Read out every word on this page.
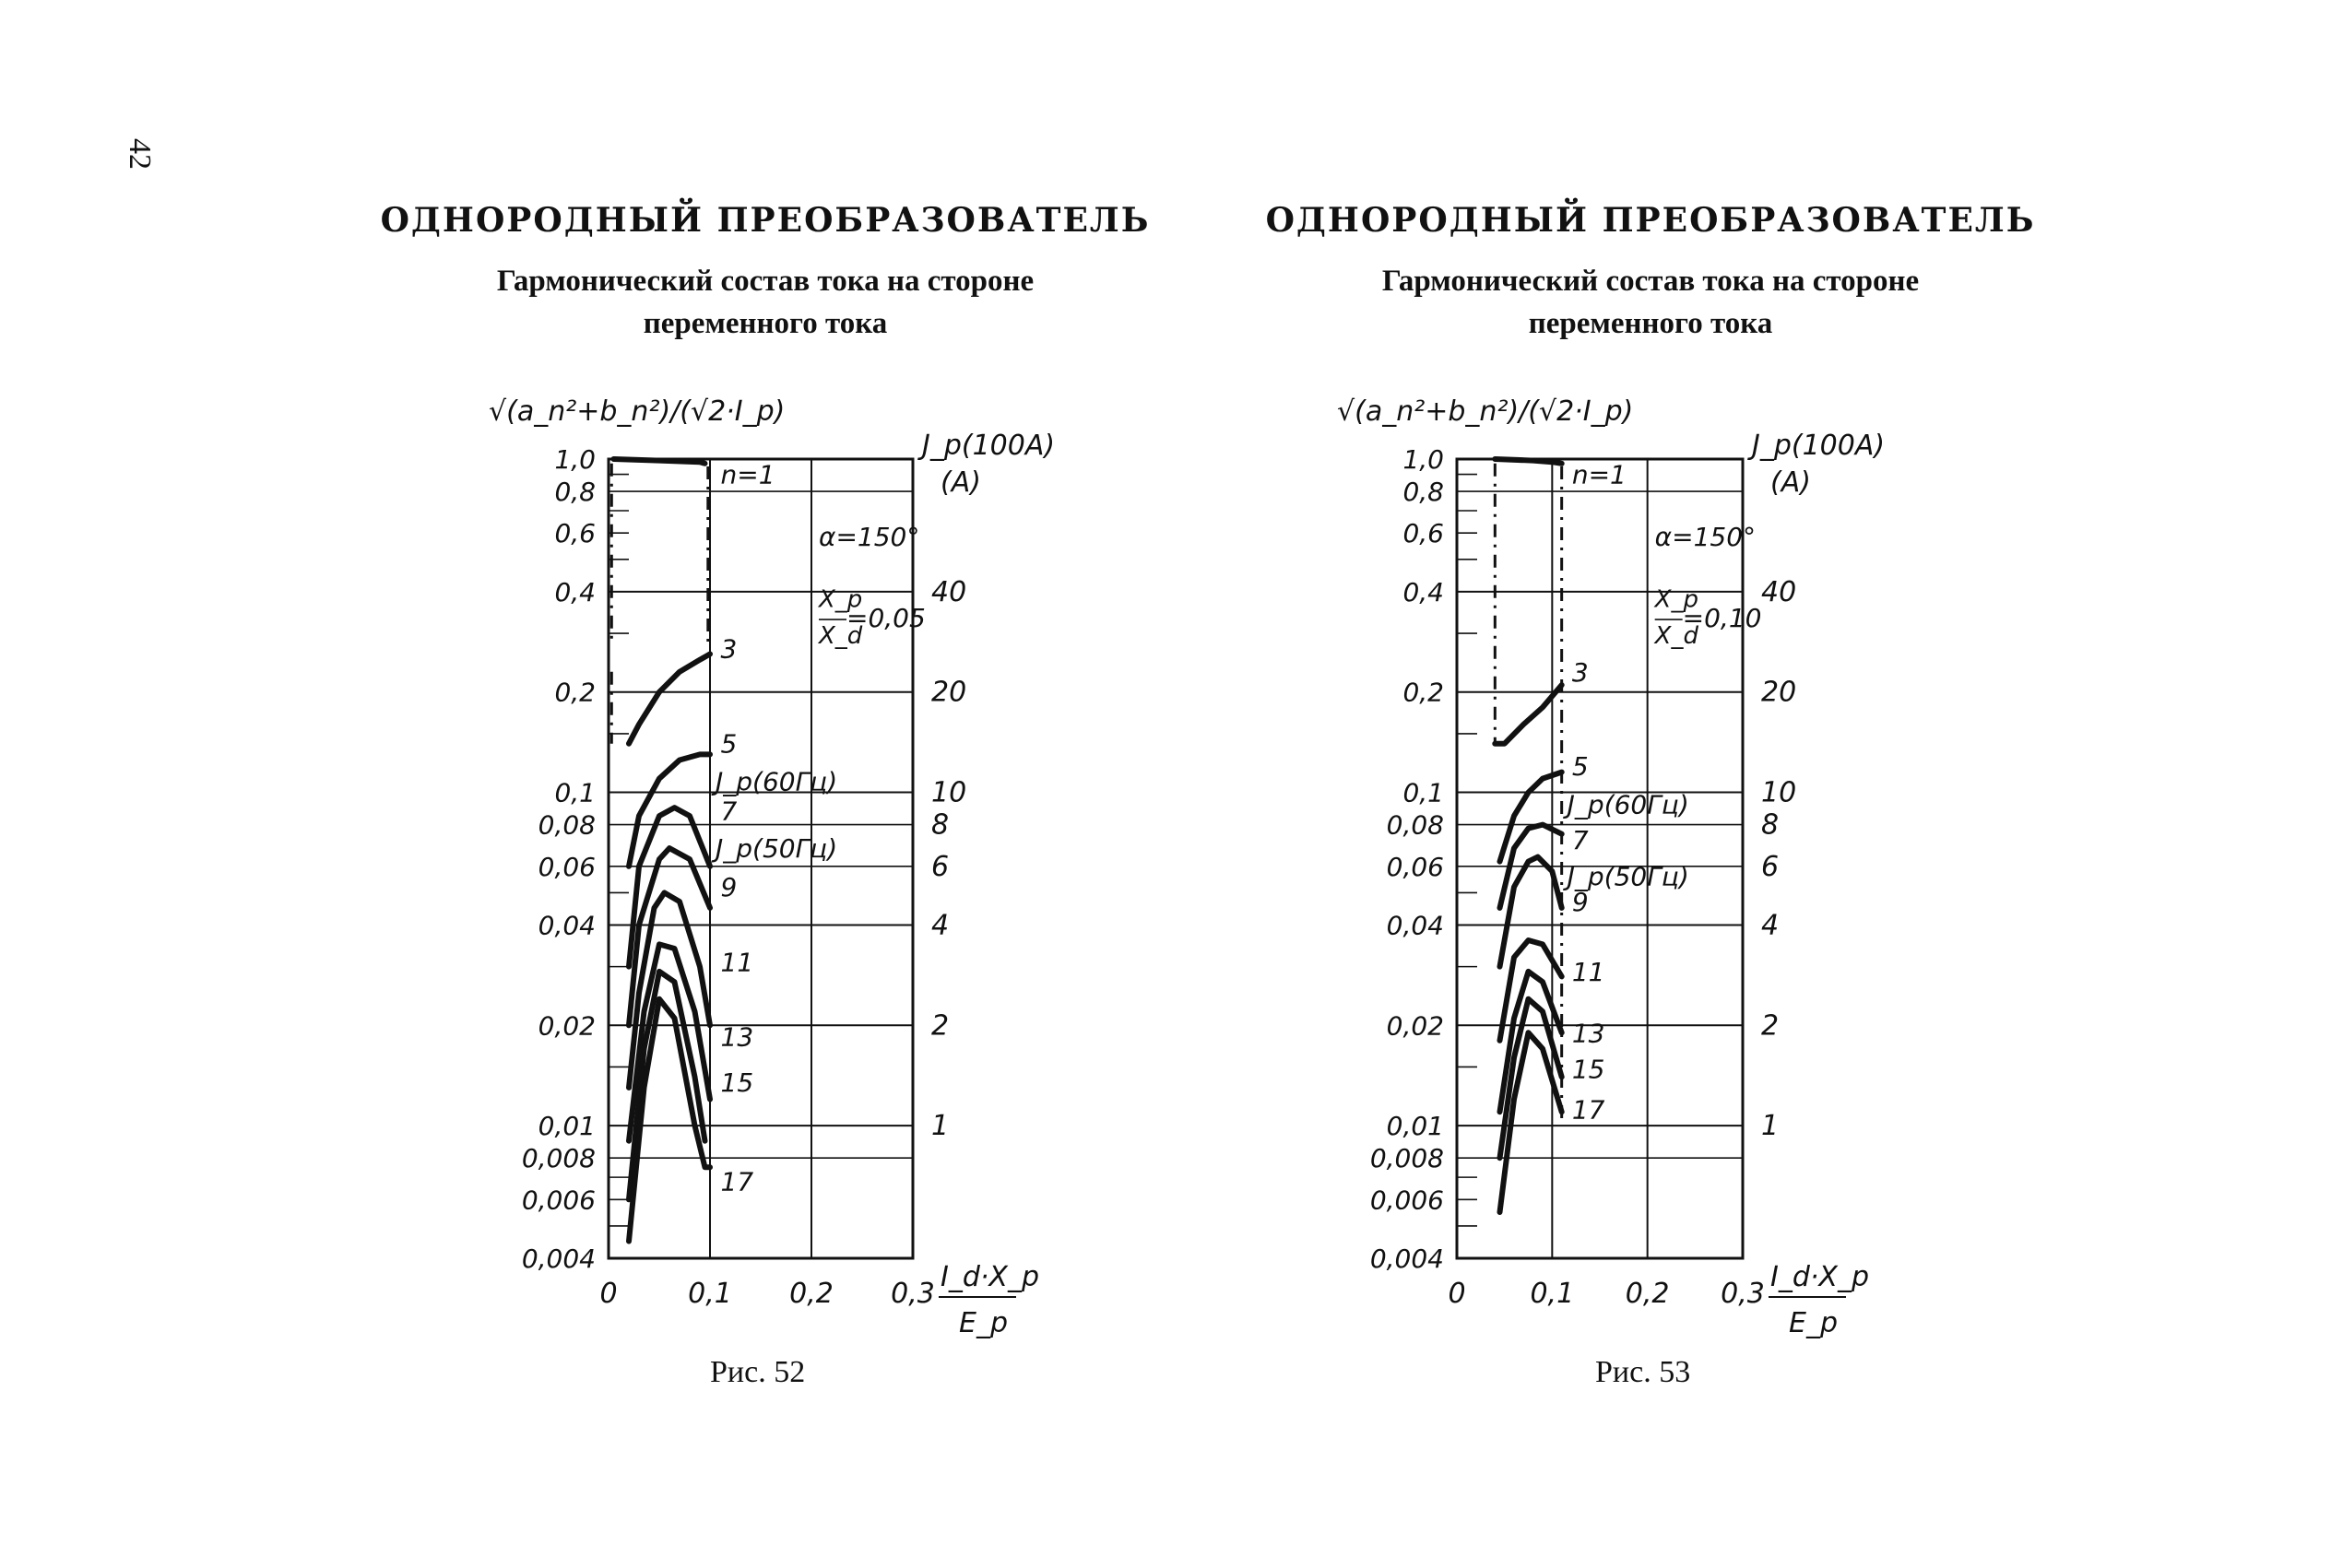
42
ОДНОРОДНЫЙ ПРЕОБРАЗОВАТЕЛЬ
Гармонический состав тока на стороне
переменного тока
1,0
0,8
0,6
0,4
0,2
0,1
0,08
0,06
0,04
0,02
0,01
0,008
0,006
0,004
0	0,1 0,2 0,3
40
20
10
8
6
4
2
1
√(a_n²+b_n²)/(√2·I_p)
J_p(100A)
(A)
I_d·X_p
E_p
α=150°
X_p
X_d
=0,05
n=1
3
5
J_p(60Гц)
7
J_p(50Гц)
9
11
13
15
17
Рис. 52
ОДНОРОДНЫЙ ПРЕОБРАЗОВАТЕЛЬ
Гармонический состав тока на стороне
переменного тока
1,0
0,8
0,6
0,4
0,2
0,1
0,08
0,06
0,04
0,02
0,01
0,008
0,006
0,004
0 0,1 0,2 0,3
40
20
10
8
6
4
2
1
√(a_n²+b_n²)/(√2·I_p)
J_p(100A)
(A)
I_d·X_p
E_p
α=150°
X_p
X_d
=0,10
n=1
3
5
J_p(60Гц)
7
J_p(50Гц)
9
11
13
15
17
Рис. 53
